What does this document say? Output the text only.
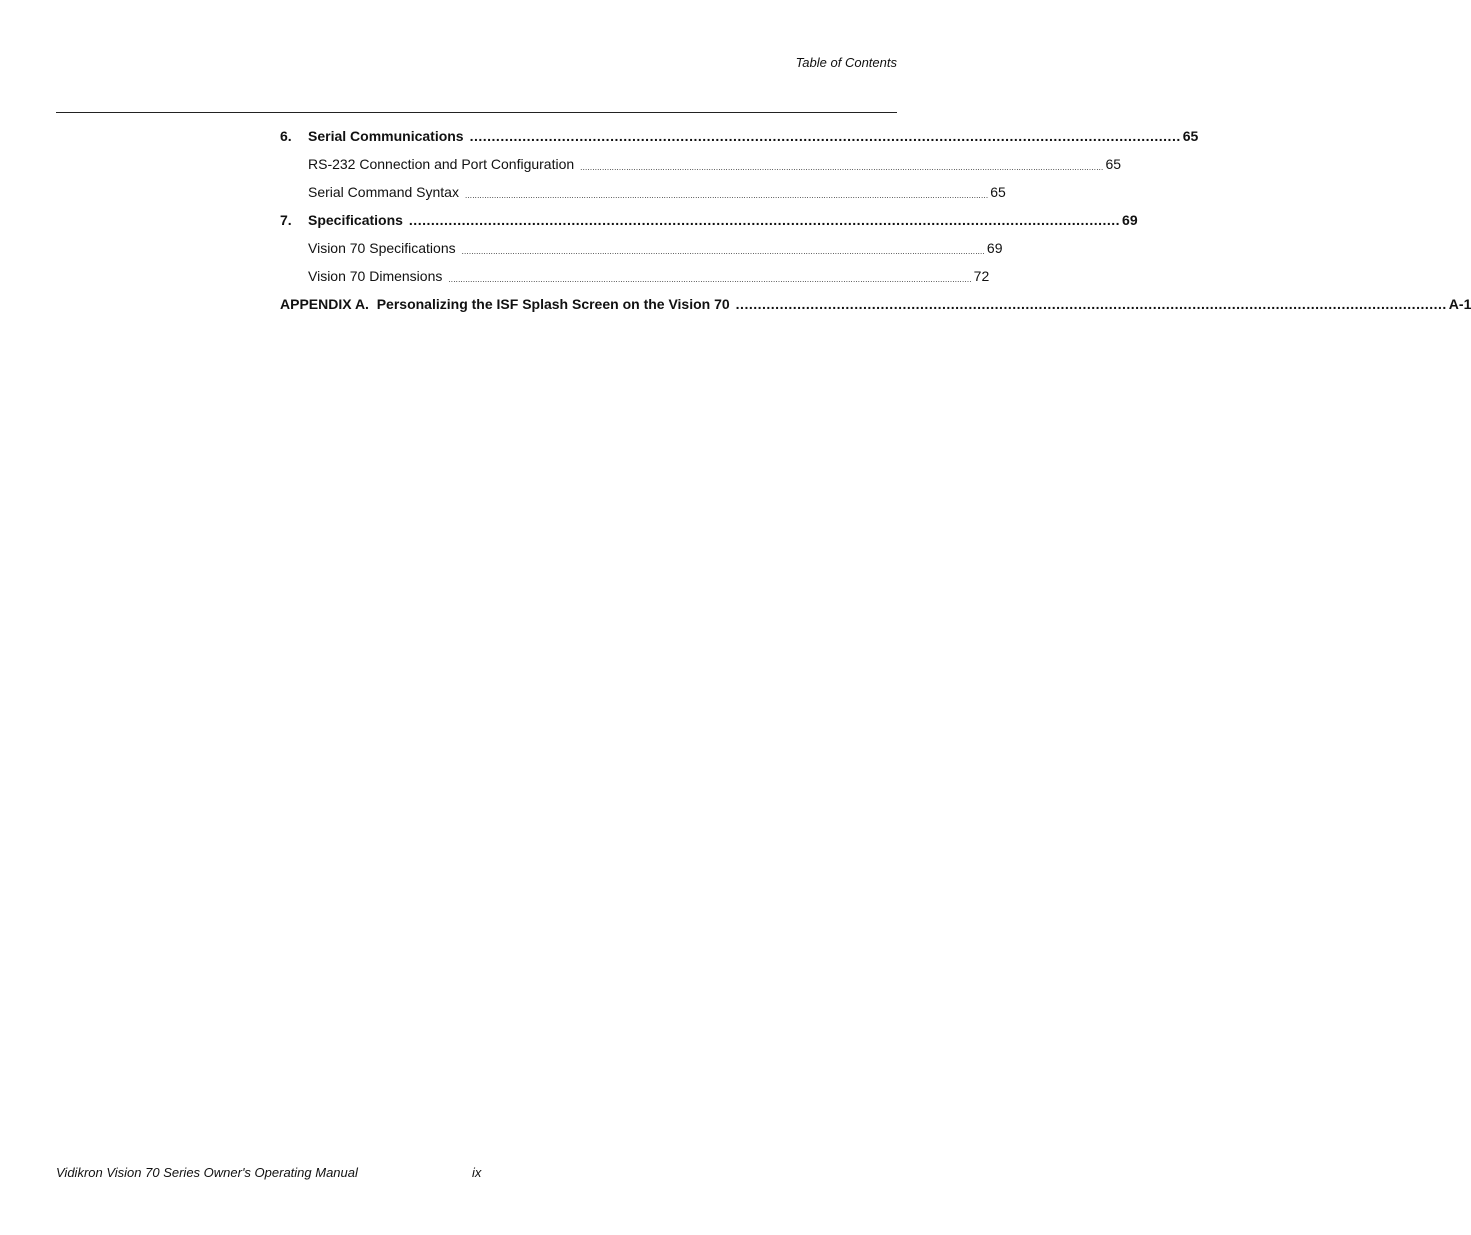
Table of Contents
6.	Serial Communications .................................................................................................................................................................. 65
RS-232 Connection and Port Configuration ........................................................................................................................................................................................................................ 65
Serial Command Syntax ........................................................................................................................................................................................................................ 65
7.	Specifications .................................................................................................................................................................. 69
Vision 70 Specifications ........................................................................................................................................................................................................................ 69
Vision 70 Dimensions ........................................................................................................................................................................................................................ 72
APPENDIX A.  Personalizing the ISF Splash Screen on the Vision 70 .................................................................................................................................................................. A-1
Vidikron Vision 70 Series Owner's Operating Manual	ix
